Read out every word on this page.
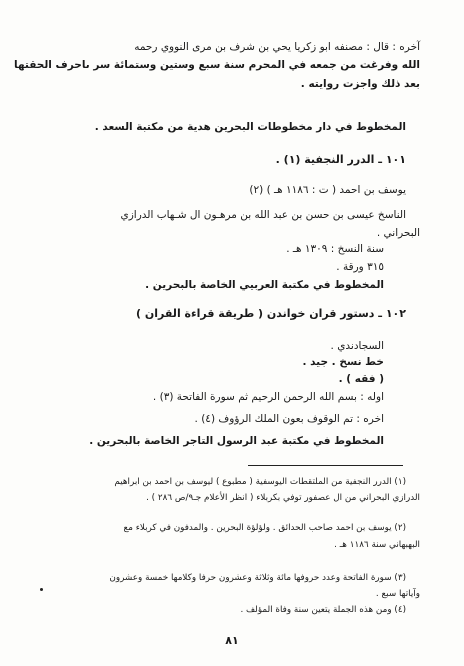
آخره : قال : مصنفه ابو زكريا يحي بن شرف بن مرى النووي رحمه
الله وفرغت من جمعه في المحرم سنة سبع وستين وستمائة سر ىاحرف الحقتها
بعد ذلك واجزت روايته .
المخطوط في دار مخطوطات البحرين هدية من مكتبة السعد .
١٠١ ـ الدرر النجفية (١) .
يوسف بن احمد ( ت : ١١٨٦ هـ ) (٢)
الناسخ عيسى بن حسن بن عبد الله بن مرهـون ال شـهاب الدرازي
البحراني .
سنة النسخ : ١٣٠٩ هـ .
٣١٥ ورقة .
المخطوط في مكتبة العربيي الخاصة بالبحرين .
١٠٢ ـ دستور قران خواندن ( طريقة قراءة القران )
السجادندي .
خط نسخ . جيد .
( فقه ) .
اوله : بسم الله الرحمن الرحيم ثم سورة الفاتحة (٣) .
اخره : تم الوقوف بعون الملك الرؤوف (٤) .
المخطوط في مكتبة عبد الرسول التاجر الخاصة بالبحرين .
(١) الدرر النجفية من الملتقطات اليوسفية ( مطبوع ) ليوسف بن احمد بن ابراهيم
الدرازي البحراني من ال عصفور توفي بكربلاء ( انظر الأعلام جـ٩/ص ٢٨٦ ) .
(٢) يوسف بن احمد صاحب الحدائق . ولؤلؤة البحرين . والمدفون في كربلاء مع
البهبهاني سنة ١١٨٦ هـ .
(٣) سورة الفاتحة وعدد حروفها مائة وثلاثة وعشرون حرفا وكلامها خمسة وعشرون
وآياتها سبع .
(٤) ومن هذه الجملة يتعين سنة وفاة المؤلف .
٨١
